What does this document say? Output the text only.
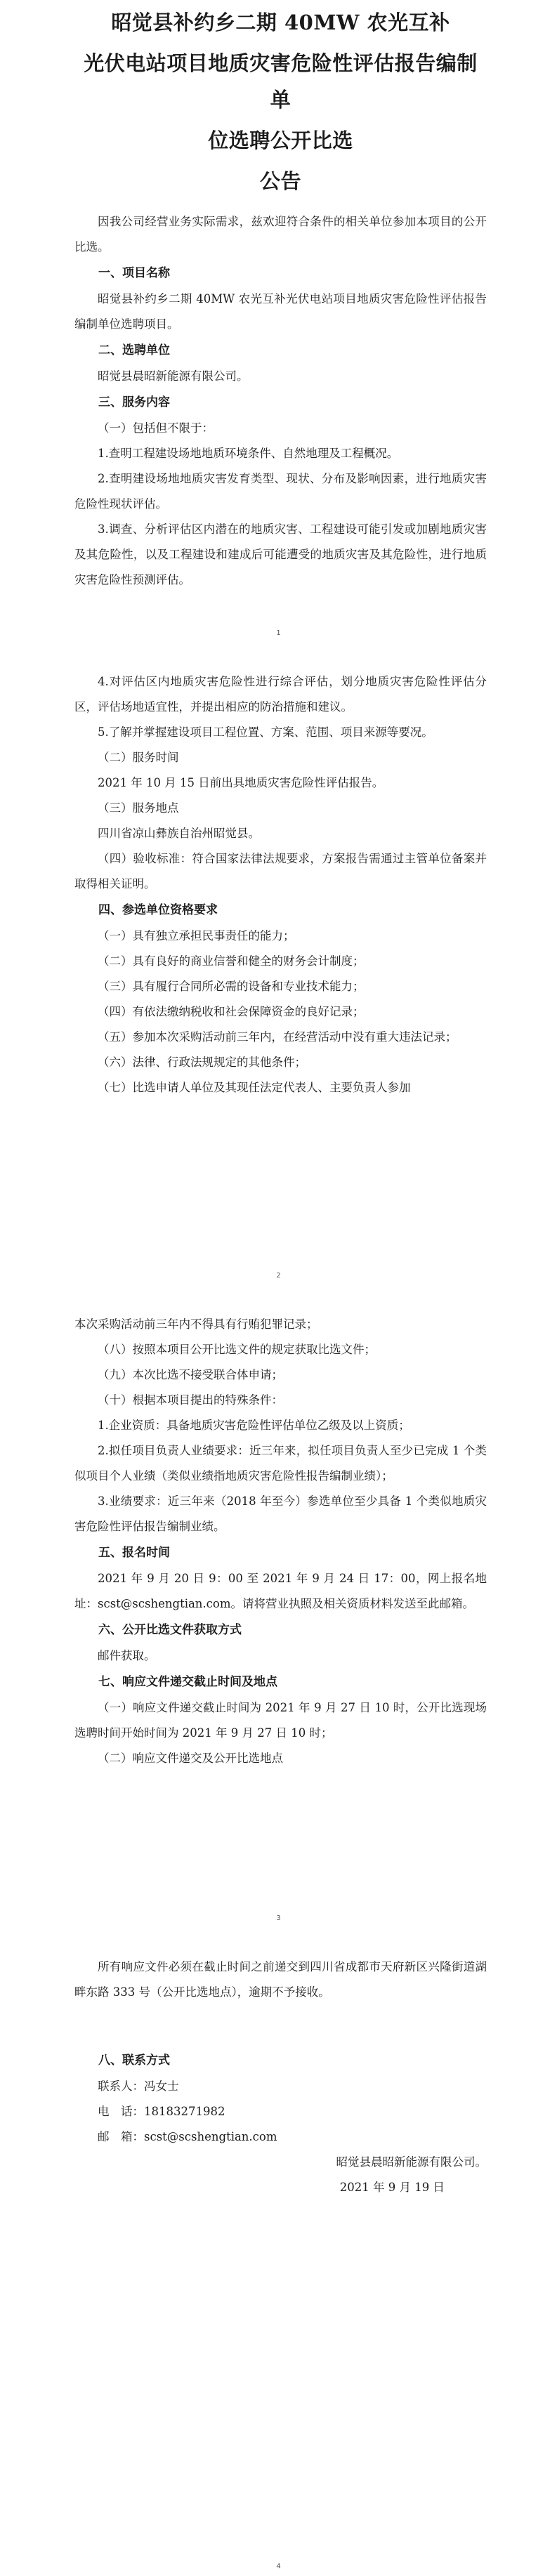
昭觉县补约乡二期 40MW 农光互补
光伏电站项目地质灾害危险性评估报告编制单
位选聘公开比选
公告

因我公司经营业务实际需求，兹欢迎符合条件的相关单位参加本项目的公开比选。

一、项目名称

昭觉县补约乡二期 40MW 农光互补光伏电站项目地质灾害危险性评估报告编制单位选聘项目。

二、选聘单位

昭觉县晨昭新能源有限公司。

三、服务内容

（一）包括但不限于：

1.查明工程建设场地地质环境条件、自然地理及工程概况。

2.查明建设场地地质灾害发育类型、现状、分布及影响因素，进行地质灾害危险性现状评估。

3.调查、分析评估区内潜在的地质灾害、工程建设可能引发或加剧地质灾害及其危险性，以及工程建设和建成后可能遭受的地质灾害及其危险性，进行地质灾害危险性预测评估。

1

4.对评估区内地质灾害危险性进行综合评估，划分地质灾害危险性评估分区，评估场地适宜性，并提出相应的防治措施和建议。

5.了解并掌握建设项目工程位置、方案、范围、项目来源等要况。

（二）服务时间

2021 年 10 月 15 日前出具地质灾害危险性评估报告。

（三）服务地点

四川省凉山彝族自治州昭觉县。

（四）验收标准：符合国家法律法规要求，方案报告需通过主管单位备案并取得相关证明。

四、参选单位资格要求

（一）具有独立承担民事责任的能力；

（二）具有良好的商业信誉和健全的财务会计制度；

（三）具有履行合同所必需的设备和专业技术能力；

（四）有依法缴纳税收和社会保障资金的良好记录；

（五）参加本次采购活动前三年内，在经营活动中没有重大违法记录；

（六）法律、行政法规规定的其他条件；

（七）比选申请人单位及其现任法定代表人、主要负责人参加

2

本次采购活动前三年内不得具有行贿犯罪记录；

（八）按照本项目公开比选文件的规定获取比选文件；

（九）本次比选不接受联合体申请；

（十）根据本项目提出的特殊条件：

1.企业资质：具备地质灾害危险性评估单位乙级及以上资质；

2.拟任项目负责人业绩要求：近三年来，拟任项目负责人至少已完成 1 个类似项目个人业绩（类似业绩指地质灾害危险性报告编制业绩）；

3.业绩要求：近三年来（2018 年至今）参选单位至少具备 1 个类似地质灾害危险性评估报告编制业绩。

五、报名时间

2021 年 9 月 20 日 9：00 至 2021 年 9 月 24 日 17：00，网上报名地址：scst@scshengtian.com。请将营业执照及相关资质材料发送至此邮箱。

六、公开比选文件获取方式

邮件获取。

七、响应文件递交截止时间及地点

（一）响应文件递交截止时间为 2021 年 9 月 27 日 10 时，公开比选现场选聘时间开始时间为 2021 年 9 月 27 日 10 时；

（二）响应文件递交及公开比选地点

3

所有响应文件必须在截止时间之前递交到四川省成都市天府新区兴隆街道湖畔东路 333 号（公开比选地点），逾期不予接收。

八、联系方式

联系人：冯女士

电　话：18183271982

邮　箱：scst@scshengtian.com

昭觉县晨昭新能源有限公司。

2021 年 9 月 19 日

4
